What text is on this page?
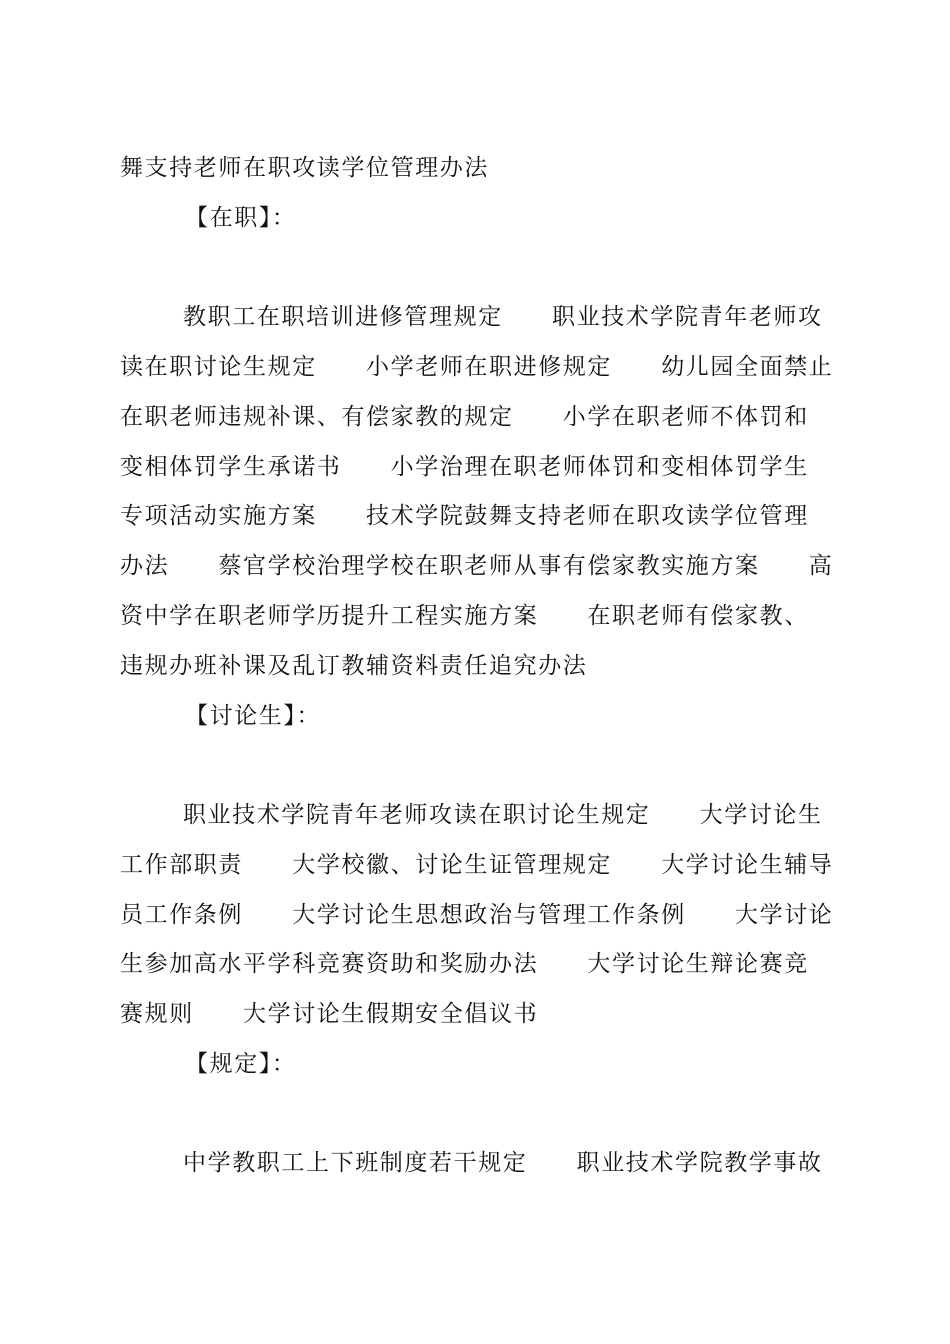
舞支持老师在职攻读学位管理办法
【在职】：
教职工在职培训进修管理规定　　职业技术学院青年老师攻
读在职讨论生规定　　小学老师在职进修规定　　幼儿园全面禁止
在职老师违规补课、有偿家教的规定　　小学在职老师不体罚和
变相体罚学生承诺书　　小学治理在职老师体罚和变相体罚学生
专项活动实施方案　　技术学院鼓舞支持老师在职攻读学位管理
办法　　蔡官学校治理学校在职老师从事有偿家教实施方案　　高
资中学在职老师学历提升工程实施方案　　在职老师有偿家教、
违规办班补课及乱订教辅资料责任追究办法
【讨论生】：
职业技术学院青年老师攻读在职讨论生规定　　大学讨论生
工作部职责　　大学校徽、讨论生证管理规定　　大学讨论生辅导
员工作条例　　大学讨论生思想政治与管理工作条例　　大学讨论
生参加高水平学科竞赛资助和奖励办法　　大学讨论生辩论赛竞
赛规则　　大学讨论生假期安全倡议书
【规定】：
中学教职工上下班制度若干规定　　职业技术学院教学事故
